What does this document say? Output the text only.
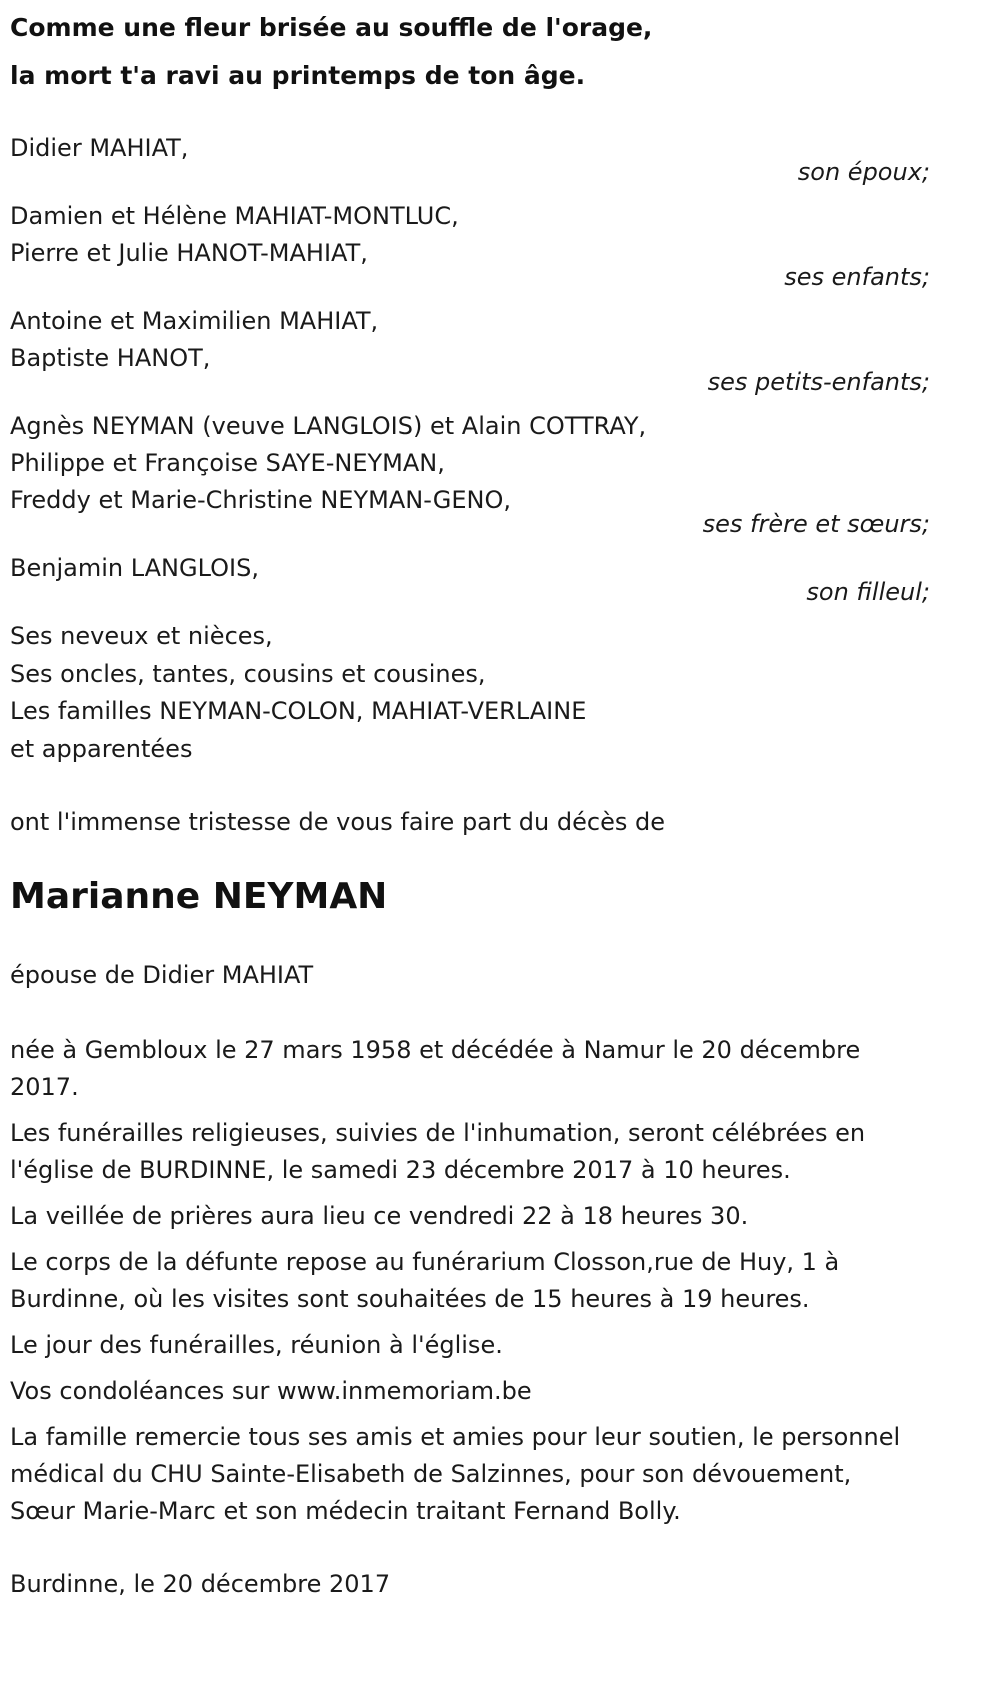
Comme une fleur brisée au souffle de l'orage,

la mort t'a ravi au printemps de ton âge.

Didier MAHIAT,
son époux;
Damien et Hélène MAHIAT-MONTLUC,
Pierre et Julie HANOT-MAHIAT,
ses enfants;
Antoine et Maximilien MAHIAT,
Baptiste HANOT,
ses petits-enfants;
Agnès NEYMAN (veuve LANGLOIS) et Alain COTTRAY,
Philippe et Françoise SAYE-NEYMAN,
Freddy et Marie-Christine NEYMAN-GENO,
ses frère et sœurs;
Benjamin LANGLOIS,
son filleul;
Ses neveux et nièces,
Ses oncles, tantes, cousins et cousines,
Les familles NEYMAN-COLON, MAHIAT-VERLAINE
et apparentées
ont l'immense tristesse de vous faire part du décès de
Marianne NEYMAN
épouse de Didier MAHIAT

née à Gembloux le 27 mars 1958 et décédée à Namur le 20 décembre 2017.

Les funérailles religieuses, suivies de l'inhumation, seront célébrées en l'église de BURDINNE, le samedi 23 décembre 2017 à 10 heures.

La veillée de prières aura lieu ce vendredi 22 à 18 heures 30.

Le corps de la défunte repose au funérarium Closson,rue de Huy, 1 à Burdinne, où les visites sont souhaitées de 15 heures à 19 heures.

Le jour des funérailles, réunion à l'église.

Vos condoléances sur www.inmemoriam.be

La famille remercie tous ses amis et amies pour leur soutien, le personnel médical du CHU Sainte-Elisabeth de Salzinnes, pour son dévouement, Sœur Marie-Marc et son médecin traitant Fernand Bolly.

Burdinne, le 20 décembre 2017
